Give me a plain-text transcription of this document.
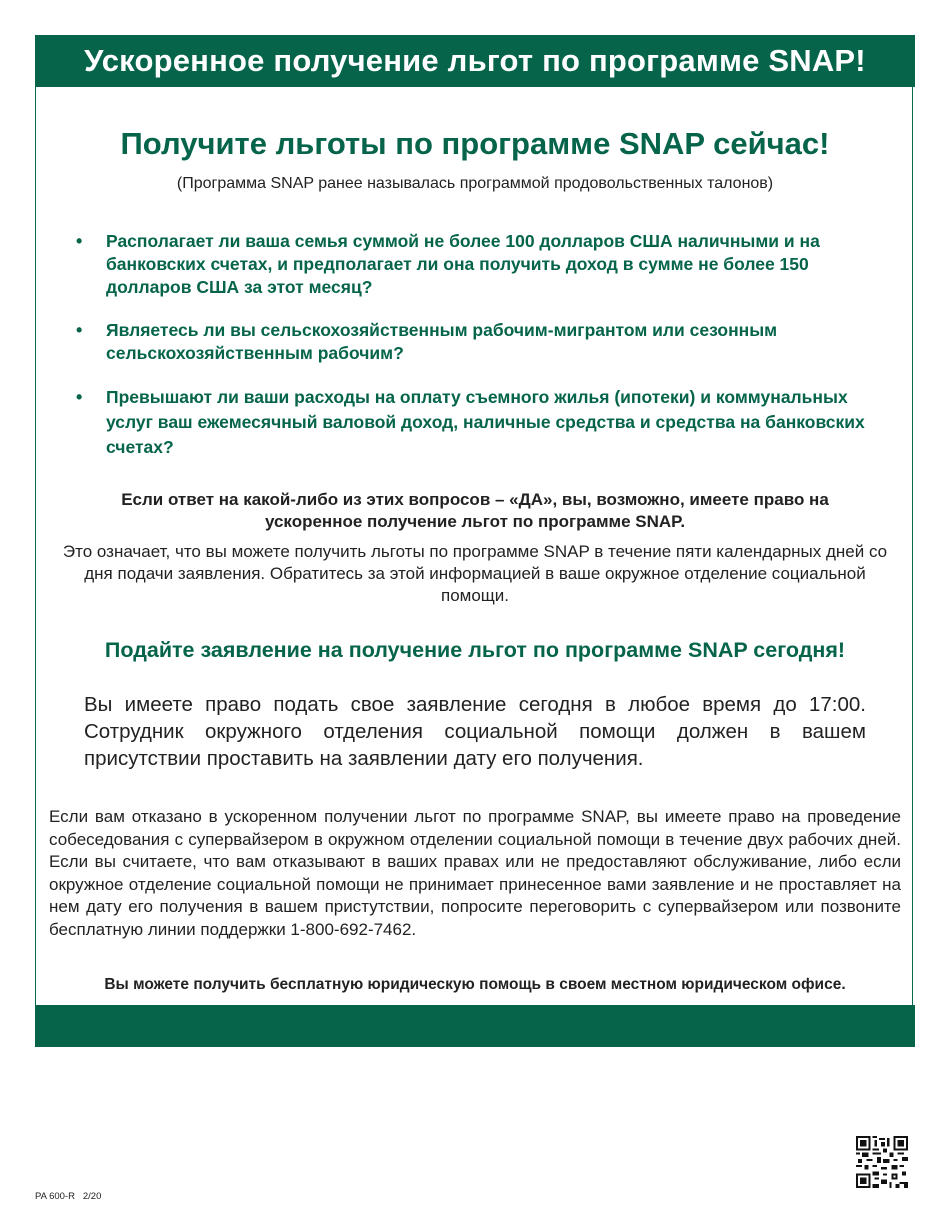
Ускоренное получение льгот по программе SNAP!
Получите льготы по программе SNAP сейчас!
(Программа SNAP ранее называлась программой продовольственных талонов)
• Располагает ли ваша семья суммой не более 100 долларов США наличными и на банковских счетах, и предполагает ли она получить доход в сумме не более 150 долларов США за этот месяц?
• Являетесь ли вы сельскохозяйственным рабочим-мигрантом или сезонным сельскохозяйственным рабочим?
• Превышают ли ваши расходы на оплату съемного жилья (ипотеки) и коммунальных услуг ваш ежемесячный валовой доход, наличные средства и средства на банковских счетах?
Если ответ на какой-либо из этих вопросов – «ДА», вы, возможно, имеете право на ускоренное получение льгот по программе SNAP.
Это означает, что вы можете получить льготы по программе SNAP в течение пяти календарных дней со дня подачи заявления. Обратитесь за этой информацией в ваше окружное отделение социальной помощи.
Подайте заявление на получение льгот по программе SNAP сегодня!
Вы имеете право подать свое заявление сегодня в любое время до 17:00. Сотрудник окружного отделения социальной помощи должен в вашем присутствии проставить на заявлении дату его получения.
Если вам отказано в ускоренном получении льгот по программе SNAP, вы имеете право на проведение собеседования с супервайзером в окружном отделении социальной помощи в течение двух рабочих дней. Если вы считаете, что вам отказывают в ваших правах или не предоставляют обслуживание, либо если окружное отделение социальной помощи не принимает принесенное вами заявление и не проставляет на нем дату его получения в вашем пристутствии, попросите переговорить с супервайзером или позвоните бесплатную линии поддержки 1-800-692-7462.
Вы можете получить бесплатную юридическую помощь в своем местном юридическом офисе.
PA 600-R   2/20
